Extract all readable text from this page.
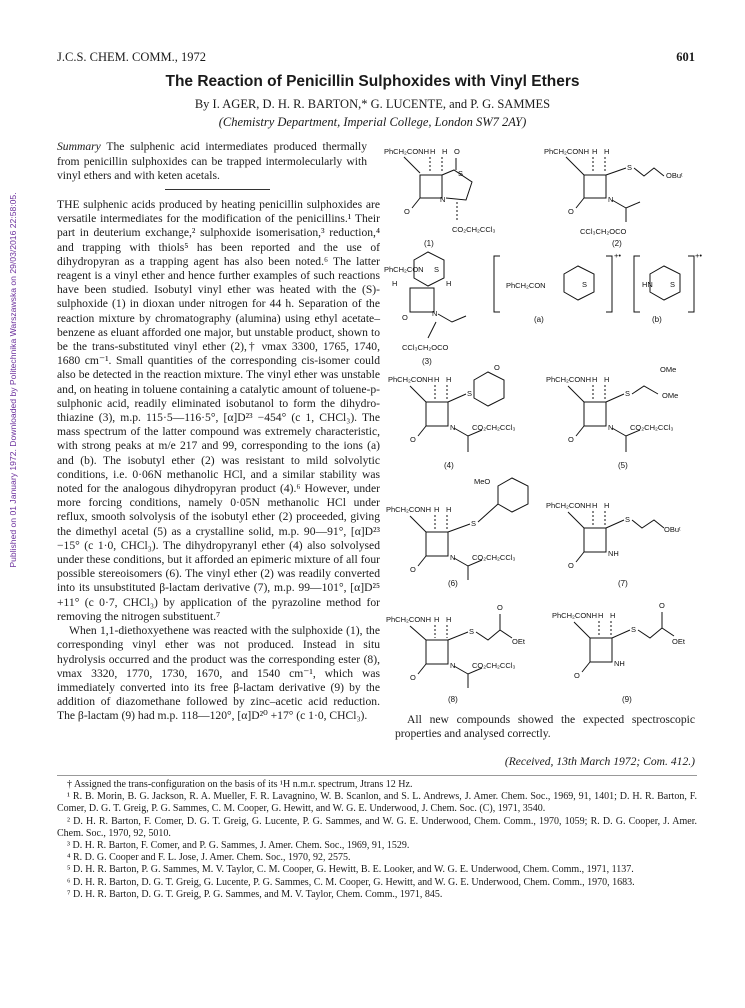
J.C.S. CHEM. COMM., 1972	601
The Reaction of Penicillin Sulphoxides with Vinyl Ethers
By I. AGER, D. H. R. BARTON,* G. LUCENTE, and P. G. SAMMES
(Chemistry Department, Imperial College, London SW7 2AY)
Published on 01 January 1972. Downloaded by Politechnika Warszawska on 29/03/2016 22:58:05.
Summary The sulphenic acid intermediates produced thermally from penicillin sulphoxides can be trapped intermolecularly with vinyl ethers and with keten acetals.

THE sulphenic acids produced by heating penicillin sulphoxides are versatile intermediates for the modification of the penicillins.¹ Their part in deuterium exchange,² sulphoxide isomerisation,³ reduction,⁴ and trapping with thiols⁵ has been reported and the use of dihydropyran as a trapping agent has also been noted.⁶ The latter reagent is a vinyl ether and hence further examples of such reactions have been studied. Isobutyl vinyl ether was heated with the (S)-sulphoxide (1) in dioxan under nitrogen for 44 h. Separation of the reaction mixture by chromatography (alumina) using ethyl acetate–benzene as eluant afforded one major, but unstable product, shown to be the trans-substituted vinyl ether (2),† νmax 3300, 1765, 1740, 1680 cm⁻¹. Small quantities of the corresponding cis-isomer could also be detected in the reaction mixture. The vinyl ether was unstable and, on heating in toluene containing a catalytic amount of toluene-p-sulphonic acid, readily eliminated isobutanol to form the dihydro-thiazine (3), m.p. 115·5—116·5°, [α]D²³ −454° (c 1, CHCl₃). The mass spectrum of the latter compound was extremely characteristic, with strong peaks at m/e 217 and 99, corresponding to the ions (a) and (b). The isobutyl ether (2) was resistant to mild solvolytic conditions, i.e. 0·06N methanolic HCl, and a similar stability was noted for the analogous dihydropyran product (4).⁶ However, under more forcing conditions, namely 0·05N methanolic HCl under reflux, smooth solvolysis of the isobutyl ether (2) proceeded, giving the dimethyl acetal (5) as a crystalline solid, m.p. 90—91°, [α]D²³ −15° (c 1·0, CHCl₃). The dihydropyranyl ether (4) also solvolysed under these conditions, but it afforded an epimeric mixture of all four possible stereoisomers (6). The vinyl ether (2) was readily converted into its unsubstituted β-lactam derivative (7), m.p. 99—101°, [α]D²⁵ +11° (c 0·7, CHCl₃) by application of the pyrazoline method for removing the nitrogen substituent.⁷

When 1,1-diethoxyethene was reacted with the sulphoxide (1), the corresponding vinyl ether was not produced. Instead in situ hydrolysis occurred and the product was the corresponding ester (8), νmax 3320, 1770, 1730, 1670, and 1540 cm⁻¹, which was immediately converted into its free β-lactam derivative (9) by the addition of diazomethane followed by zinc–acetic acid reduction. The β-lactam (9) had m.p. 118—120°, [α]D²⁰ +17° (c 1·0, CHCl₃).

PhCH₂CONH H H O
O
S
N
CO₂CH₂CCl₃
(1)
PhCH₂CONH H H
O
S
OBuᵗ
N
CCl₃CH₂OCO
(2)
PhCH₂CON
H	H
S
O	N
CCl₃CH₂OCO
(3)
PhCH₂CON	S
+•
(a)
HN S
+•
(b)
PhCH₂CONH H H
O
S
O
N CO₂CH₂CCl₃
(4)
PhCH₂CONH H H
O
S
OMe
OMe
N CO₂CH₂CCl₃
(5)
MeO
PhCH₂CONH H H
O
S
N CO₂CH₂CCl₃
(6)
PhCH₂CONH H H
O
S
OBuᵗ
NH
(7)
PhCH₂CONH H H
O
S
O
OEt
N CO₂CH₂CCl₃
(8)
PhCH₂CONH H H
O
S
O
OEt
NH
(9)
All new compounds showed the expected spectroscopic properties and analysed correctly.
(Received, 13th March 1972; Com. 412.)
† Assigned the trans-configuration on the basis of its ¹H n.m.r. spectrum, Jtrans 12 Hz.
¹ R. B. Morin, B. G. Jackson, R. A. Mueller, F. R. Lavagnino, W. B. Scanlon, and S. L. Andrews, J. Amer. Chem. Soc., 1969, 91, 1401; D. H. R. Barton, F. Comer, D. G. T. Greig, P. G. Sammes, C. M. Cooper, G. Hewitt, and W. G. E. Underwood, J. Chem. Soc. (C), 1971, 3540.
² D. H. R. Barton, F. Comer, D. G. T. Greig, G. Lucente, P. G. Sammes, and W. G. E. Underwood, Chem. Comm., 1970, 1059; R. D. G. Cooper, J. Amer. Chem. Soc., 1970, 92, 5010.
³ D. H. R. Barton, F. Comer, and P. G. Sammes, J. Amer. Chem. Soc., 1969, 91, 1529.
⁴ R. D. G. Cooper and F. L. Jose, J. Amer. Chem. Soc., 1970, 92, 2575.
⁵ D. H. R. Barton, P. G. Sammes, M. V. Taylor, C. M. Cooper, G. Hewitt, B. E. Looker, and W. G. E. Underwood, Chem. Comm., 1971, 1137.
⁶ D. H. R. Barton, D. G. T. Greig, G. Lucente, P. G. Sammes, C. M. Cooper, G. Hewitt, and W. G. E. Underwood, Chem. Comm., 1970, 1683.
⁷ D. H. R. Barton, D. G. T. Greig, P. G. Sammes, and M. V. Taylor, Chem. Comm., 1971, 845.
